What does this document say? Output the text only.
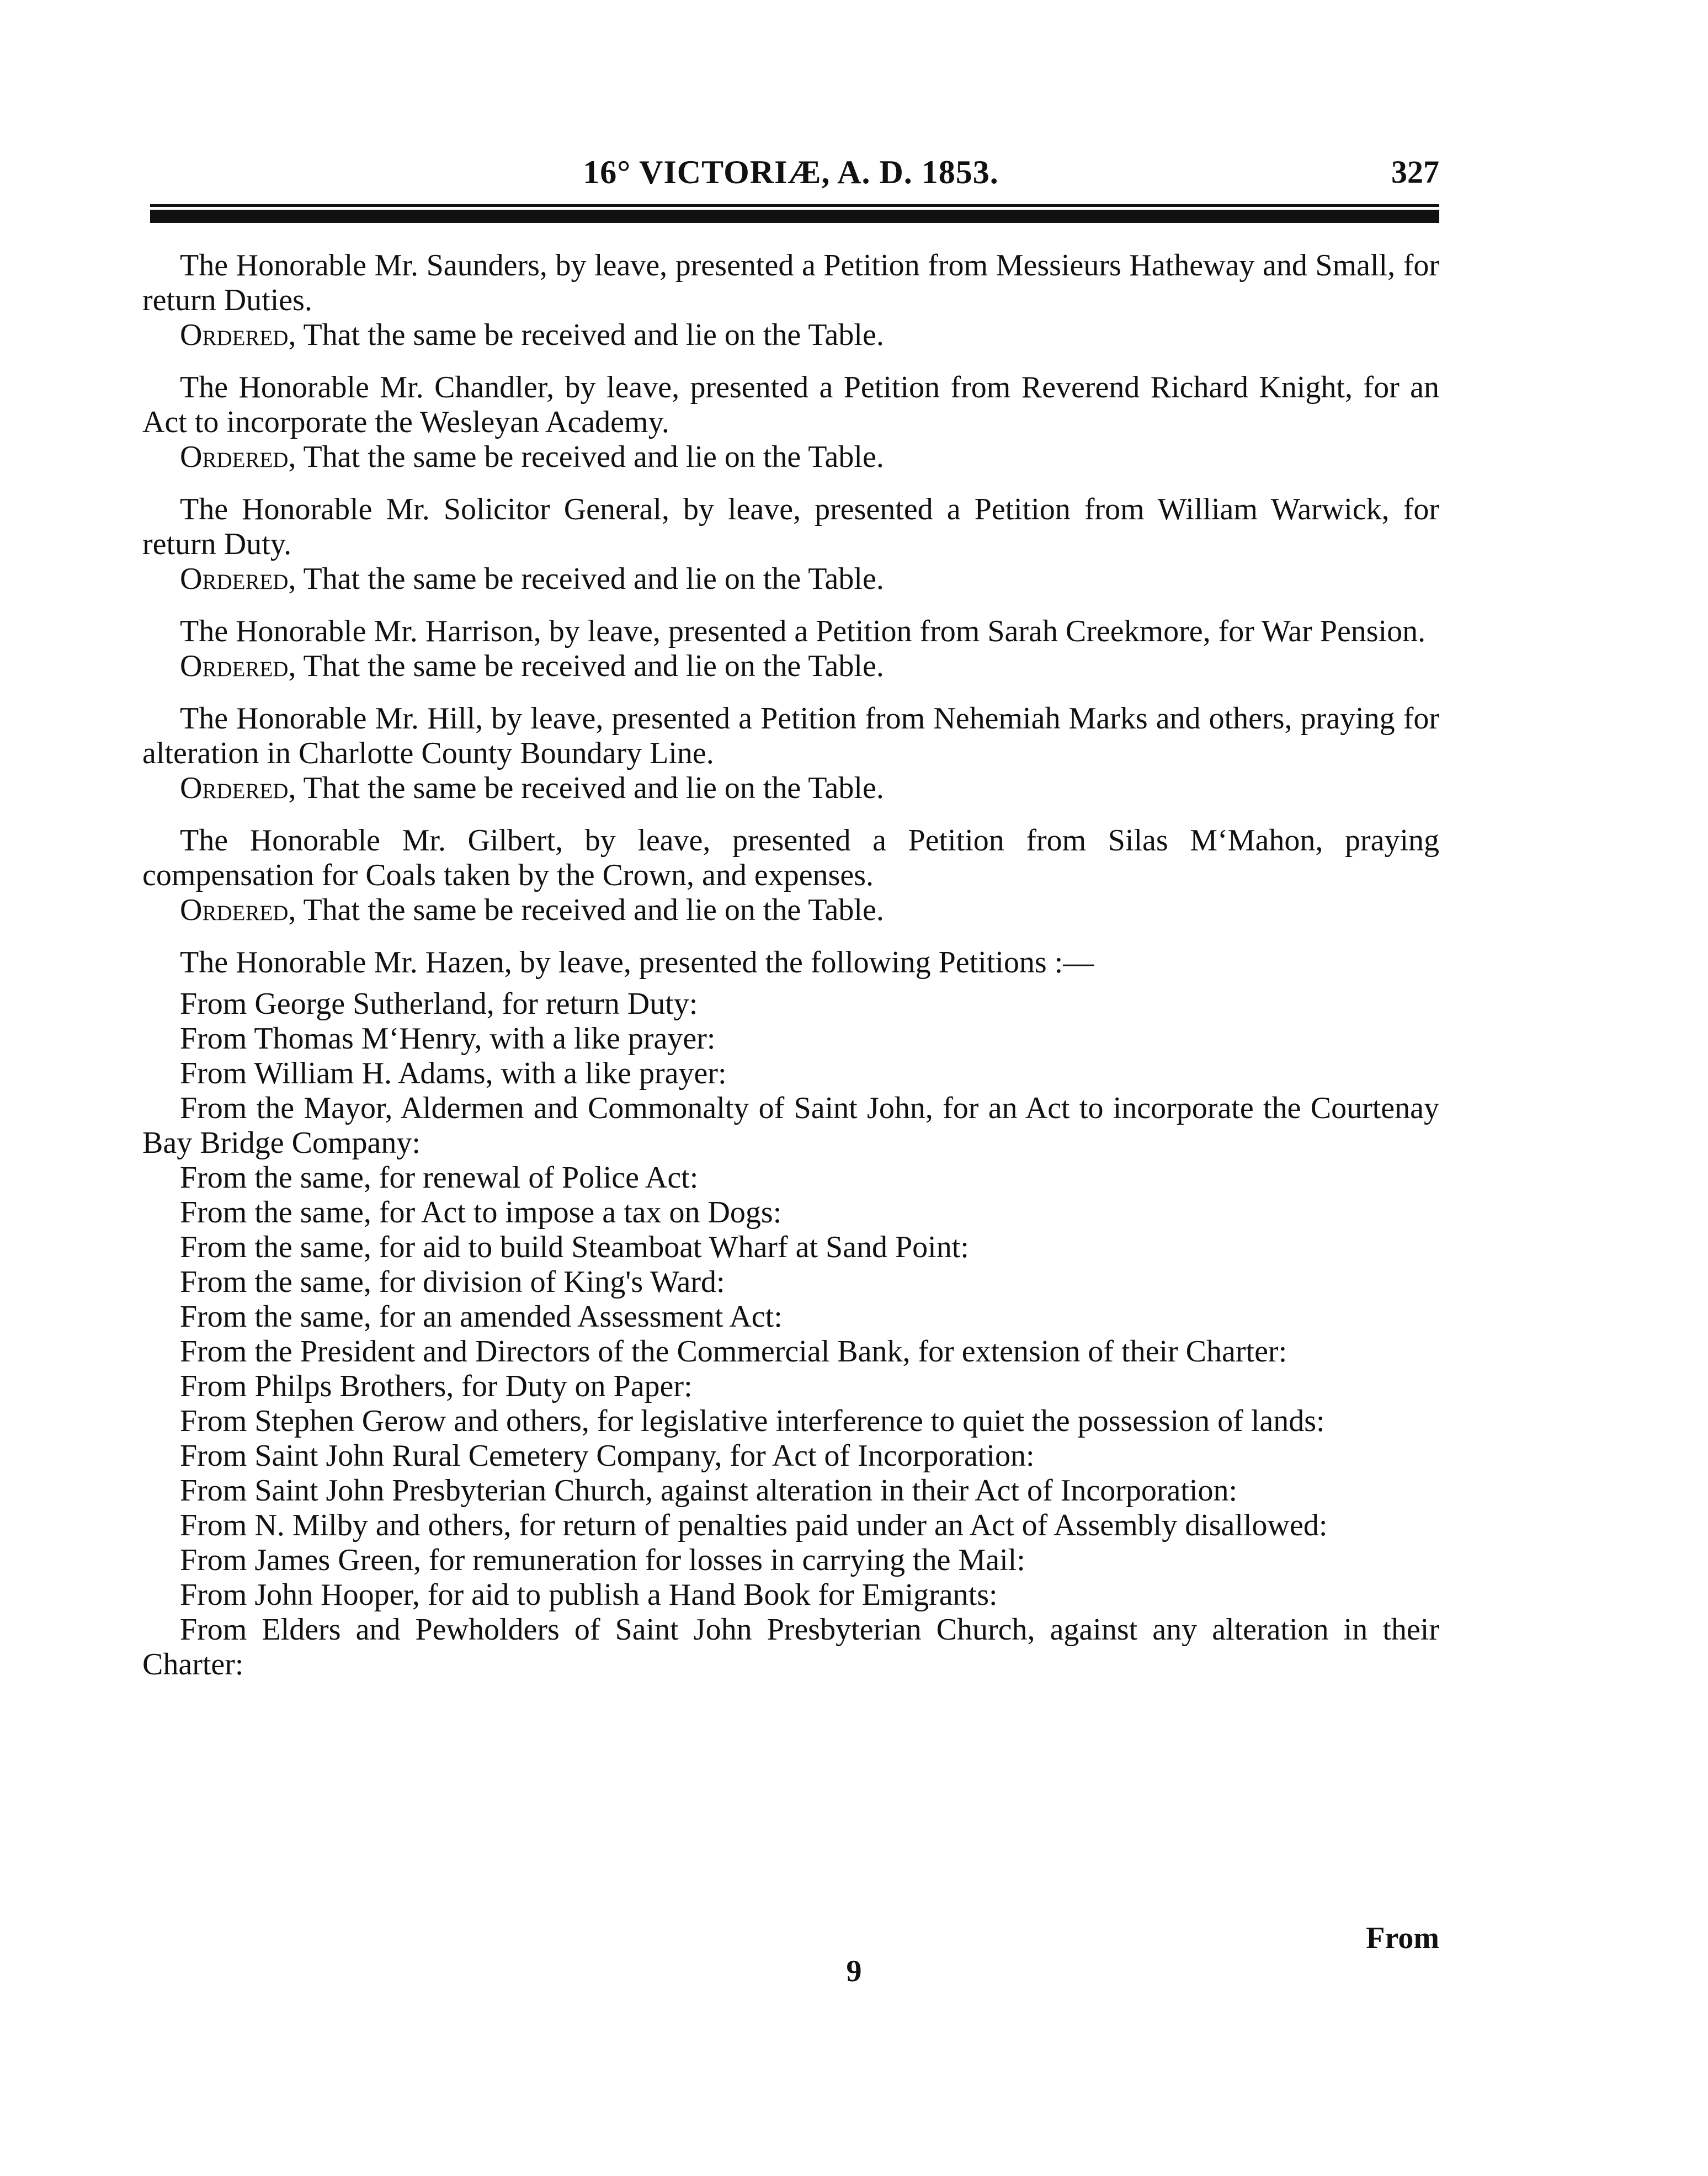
16° VICTORIÆ, A. D. 1853.	327

The Honorable Mr. Saunders, by leave, presented a Petition from Messieurs Hatheway and Small, for return Duties.

Ordered, That the same be received and lie on the Table.

The Honorable Mr. Chandler, by leave, presented a Petition from Reverend Richard Knight, for an Act to incorporate the Wesleyan Academy.

Ordered, That the same be received and lie on the Table.

The Honorable Mr. Solicitor General, by leave, presented a Petition from William Warwick, for return Duty.

Ordered, That the same be received and lie on the Table.

The Honorable Mr. Harrison, by leave, presented a Petition from Sarah Creekmore, for War Pension.

Ordered, That the same be received and lie on the Table.

The Honorable Mr. Hill, by leave, presented a Petition from Nehemiah Marks and others, praying for alteration in Charlotte County Boundary Line.

Ordered, That the same be received and lie on the Table.

The Honorable Mr. Gilbert, by leave, presented a Petition from Silas M‘Mahon, praying compensation for Coals taken by the Crown, and expenses.

Ordered, That the same be received and lie on the Table.

The Honorable Mr. Hazen, by leave, presented the following Petitions :—

From George Sutherland, for return Duty:

From Thomas M‘Henry, with a like prayer:

From William H. Adams, with a like prayer:

From the Mayor, Aldermen and Commonalty of Saint John, for an Act to incorporate the Courtenay Bay Bridge Company:

From the same, for renewal of Police Act:

From the same, for Act to impose a tax on Dogs:

From the same, for aid to build Steamboat Wharf at Sand Point:

From the same, for division of King's Ward:

From the same, for an amended Assessment Act:

From the President and Directors of the Commercial Bank, for extension of their Charter:

From Philps Brothers, for Duty on Paper:

From Stephen Gerow and others, for legislative interference to quiet the possession of lands:

From Saint John Rural Cemetery Company, for Act of Incorporation:

From Saint John Presbyterian Church, against alteration in their Act of Incorporation:

From N. Milby and others, for return of penalties paid under an Act of Assembly disallowed:

From James Green, for remuneration for losses in carrying the Mail:

From John Hooper, for aid to publish a Hand Book for Emigrants:

From Elders and Pewholders of Saint John Presbyterian Church, against any alteration in their Charter:

From
9
